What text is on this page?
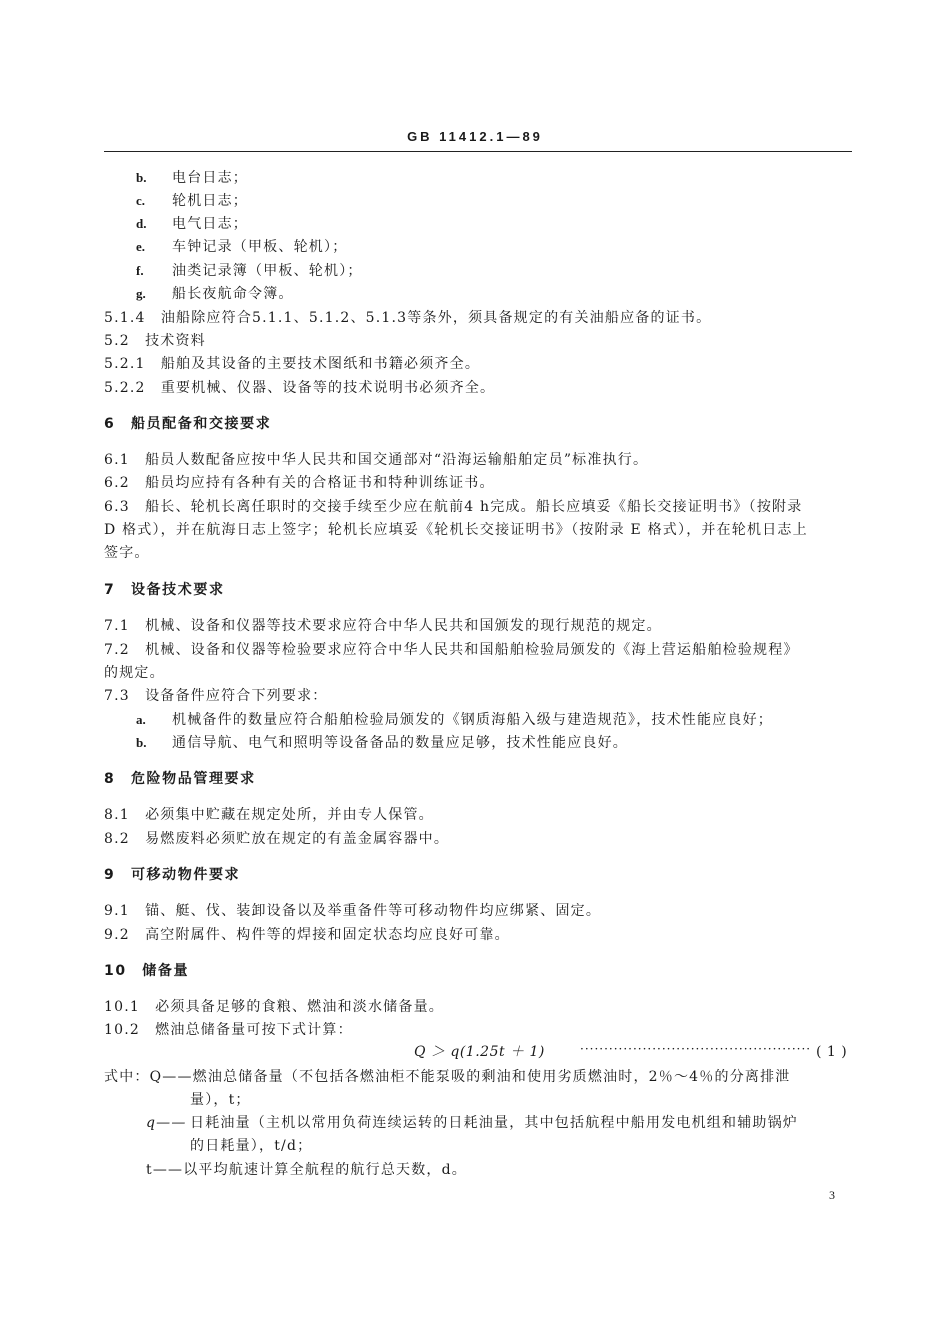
GB 11412.1—89
b. 电台日志；
c. 轮机日志；
d. 电气日志；
e. 车钟记录（甲板、轮机）；
f. 油类记录簿（甲板、轮机）；
g. 船长夜航命令簿。
5.1.4　油船除应符合5.1.1、5.1.2、5.1.3等条外，须具备规定的有关油船应备的证书。
5.2　技术资料
5.2.1　船舶及其设备的主要技术图纸和书籍必须齐全。
5.2.2　重要机械、仪器、设备等的技术说明书必须齐全。
6　船员配备和交接要求
6.1　船员人数配备应按中华人民共和国交通部对“沿海运输船舶定员”标准执行。
6.2　船员均应持有各种有关的合格证书和特种训练证书。
6.3　船长、轮机长离任职时的交接手续至少应在航前4 h完成。船长应填妥《船长交接证明书》（按附录
D 格式），并在航海日志上签字；轮机长应填妥《轮机长交接证明书》（按附录 E 格式），并在轮机日志上
签字。
7　设备技术要求
7.1　机械、设备和仪器等技术要求应符合中华人民共和国颁发的现行规范的规定。
7.2　机械、设备和仪器等检验要求应符合中华人民共和国船舶检验局颁发的《海上营运船舶检验规程》
的规定。
7.3　设备备件应符合下列要求：
a. 机械备件的数量应符合船舶检验局颁发的《钢质海船入级与建造规范》，技术性能应良好；
b. 通信导航、电气和照明等设备备品的数量应足够，技术性能应良好。
8　危险物品管理要求
8.1　必须集中贮藏在规定处所，并由专人保管。
8.2　易燃废料必须贮放在规定的有盖金属容器中。
9　可移动物件要求
9.1　锚、艇、伐、装卸设备以及举重备件等可移动物件均应绑紧、固定。
9.2　高空附属件、构件等的焊接和固定状态均应良好可靠。
10　储备量
10.1　必须具备足够的食粮、燃油和淡水储备量。
10.2　燃油总储备量可按下式计算：
Q ＞ q(1.25t ＋ 1)	················································ ( 1 )
式中：Q——燃油总储备量（不包括各燃油柜不能泵吸的剩油和使用劣质燃油时，2％～4％的分离排泄
量），t；
q—— 日耗油量（主机以常用负荷连续运转的日耗油量，其中包括航程中船用发电机组和辅助锅炉
的日耗量），t/d；
t——以平均航速计算全航程的航行总天数，d。
3
